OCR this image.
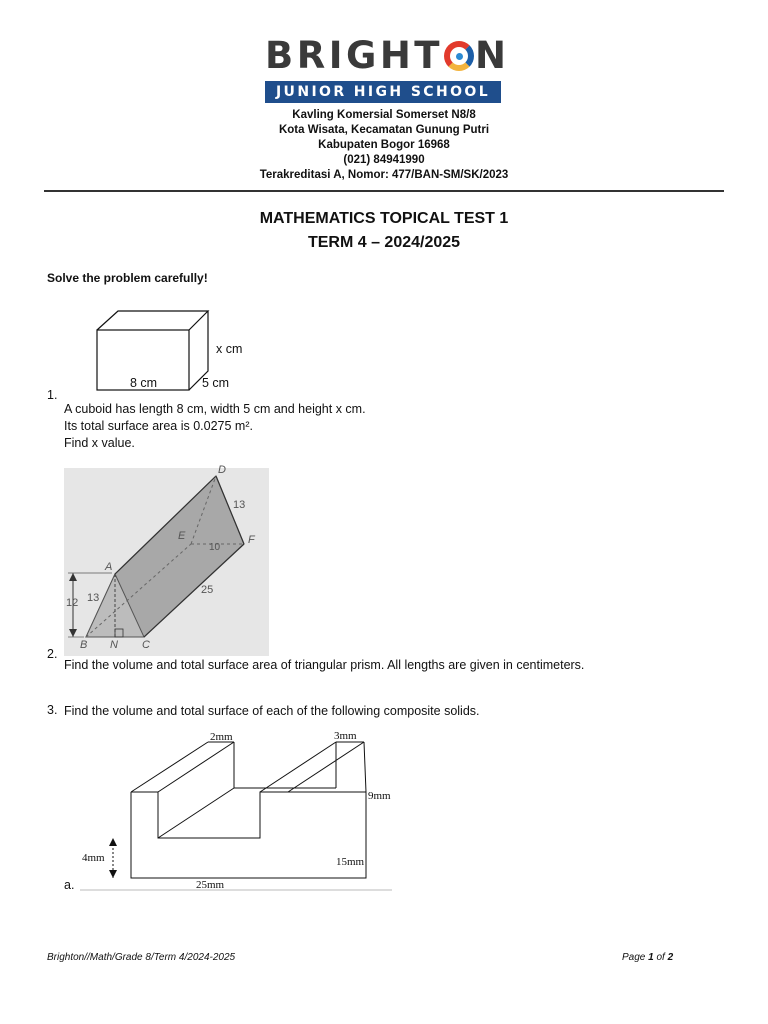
BRIGHT N
JUNIOR HIGH SCHOOL
Kavling Komersial Somerset N8/8
Kota Wisata, Kecamatan Gunung Putri
Kabupaten Bogor 16968
(021) 84941990
Terakreditasi A, Nomor: 477/BAN-SM/SK/2023
MATHEMATICS TOPICAL TEST 1
TERM 4 – 2024/2025
Solve the problem carefully!
x cm
8 cm	5 cm
1.
A cuboid has length 8 cm, width 5 cm and height x cm.
Its total surface area is 0.0275 m².
Find x value.
D
E	F
A
B N C
13
10
13
12
25
2.
Find the volume and total surface area of triangular prism. All lengths are given in centimeters.
3. Find the volume and total surface of each of the following composite solids.
2mm	3mm
9mm
15mm
4mm
25mm
a.
Brighton//Math/Grade 8/Term 4/2024-2025	Page 1 of 2
